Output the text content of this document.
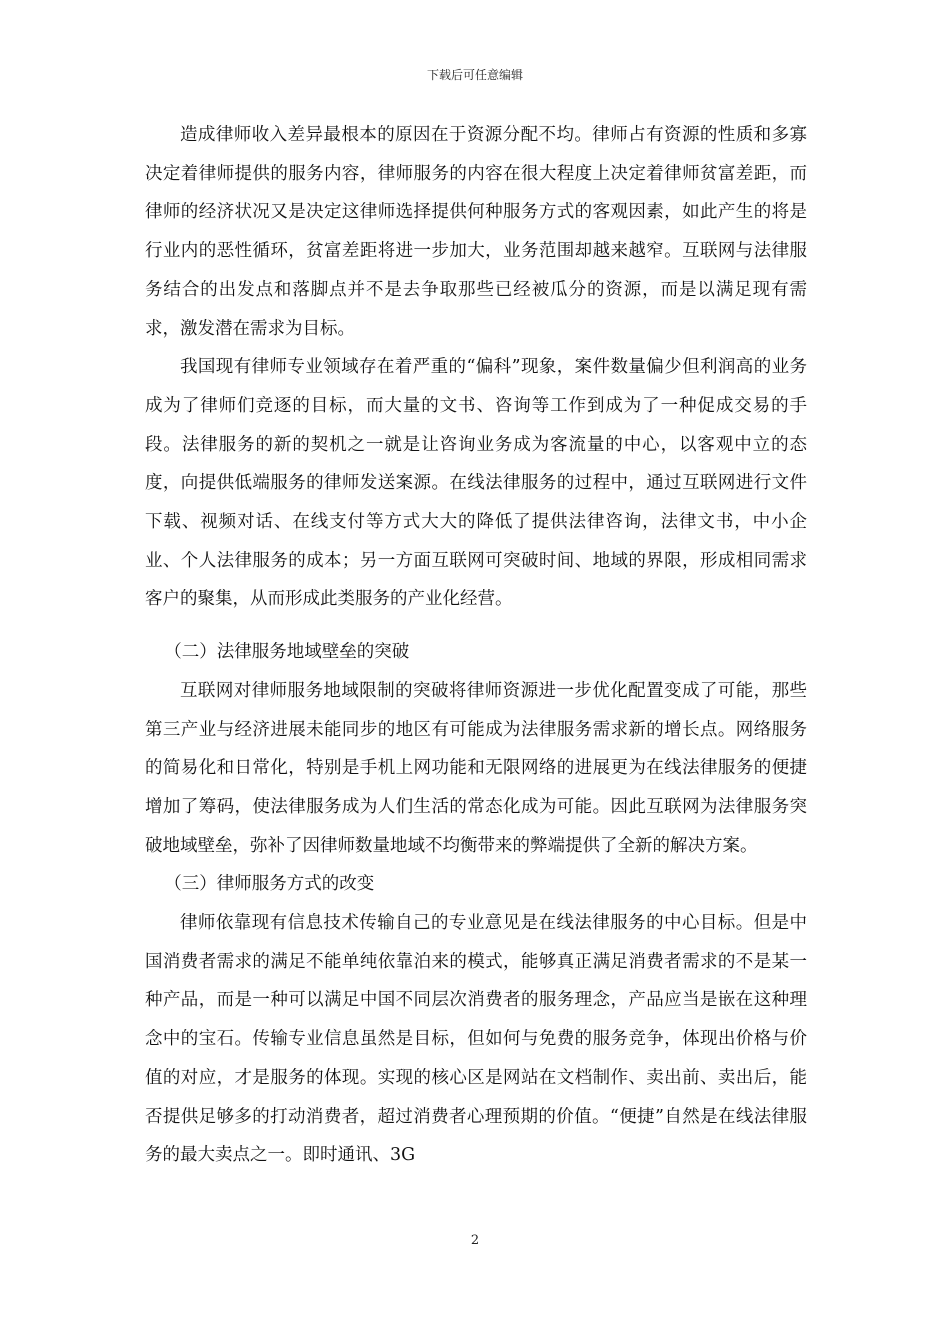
下载后可任意编辑

造成律师收入差异最根本的原因在于资源分配不均。律师占有资源的性质和多寡决定着律师提供的服务内容，律师服务的内容在很大程度上决定着律师贫富差距，而律师的经济状况又是决定这律师选择提供何种服务方式的客观因素，如此产生的将是行业内的恶性循环，贫富差距将进一步加大，业务范围却越来越窄。互联网与法律服务结合的出发点和落脚点并不是去争取那些已经被瓜分的资源，而是以满足现有需求，激发潜在需求为目标。

我国现有律师专业领域存在着严重的“偏科”现象，案件数量偏少但利润高的业务成为了律师们竞逐的目标，而大量的文书、咨询等工作到成为了一种促成交易的手段。法律服务的新的契机之一就是让咨询业务成为客流量的中心，以客观中立的态度，向提供低端服务的律师发送案源。在线法律服务的过程中，通过互联网进行文件下载、视频对话、在线支付等方式大大的降低了提供法律咨询，法律文书，中小企业、个人法律服务的成本；另一方面互联网可突破时间、地域的界限，形成相同需求客户的聚集，从而形成此类服务的产业化经营。

（二）法律服务地域壁垒的突破

互联网对律师服务地域限制的突破将律师资源进一步优化配置变成了可能，那些第三产业与经济进展未能同步的地区有可能成为法律服务需求新的增长点。网络服务的简易化和日常化，特别是手机上网功能和无限网络的进展更为在线法律服务的便捷增加了筹码，使法律服务成为人们生活的常态化成为可能。因此互联网为法律服务突破地域壁垒，弥补了因律师数量地域不均衡带来的弊端提供了全新的解决方案。

（三）律师服务方式的改变

律师依靠现有信息技术传输自己的专业意见是在线法律服务的中心目标。但是中国消费者需求的满足不能单纯依靠泊来的模式，能够真正满足消费者需求的不是某一种产品，而是一种可以满足中国不同层次消费者的服务理念，产品应当是嵌在这种理念中的宝石。传输专业信息虽然是目标，但如何与免费的服务竞争，体现出价格与价值的对应，才是服务的体现。实现的核心区是网站在文档制作、卖出前、卖出后，能否提供足够多的打动消费者，超过消费者心理预期的价值。“便捷”自然是在线法律服务的最大卖点之一。即时通讯、3G

2
